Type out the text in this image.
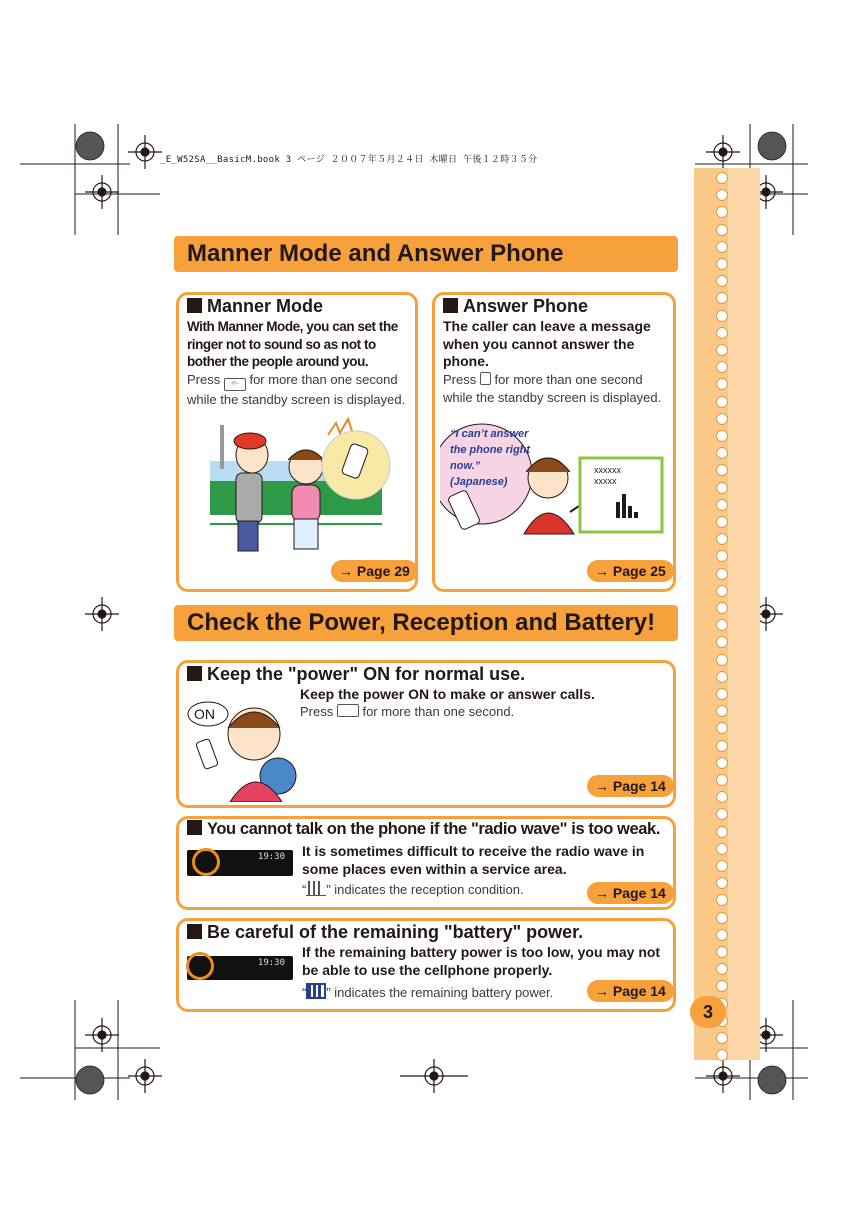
_E_W52SA__BasicM.book 3 ページ ２００７年５月２４日 木曜日 午後１２時３５分
3
Manner Mode and Answer Phone
Manner Mode
With Manner Mode, you can set the ringer not to sound so as not to bother the people around you.
Press ﾏﾅｰ for more than one second while the standby screen is displayed.
→ Page 29
Answer Phone
The caller can leave a message when you cannot answer the phone.
Press  for more than one second while the standby screen is displayed.
“I can’t answer the phone right now.” (Japanese)
xxxxxx
xxxxx
→ Page 25
Check the Power, Reception and Battery!
Keep the "power" ON for normal use.
Keep the power ON to make or answer calls.
Press  for more than one second.
ON
→ Page 14
You cannot talk on the phone if the "radio wave" is too weak.
It is sometimes difficult to receive the radio wave in some places even within a service area.
“ ” indicates the reception condition.
19:30
→ Page 14
Be careful of the remaining "battery" power.
If the remaining battery power is too low, you may not be able to use the cellphone properly.
“ ” indicates the remaining battery power.
19:30
→ Page 14
